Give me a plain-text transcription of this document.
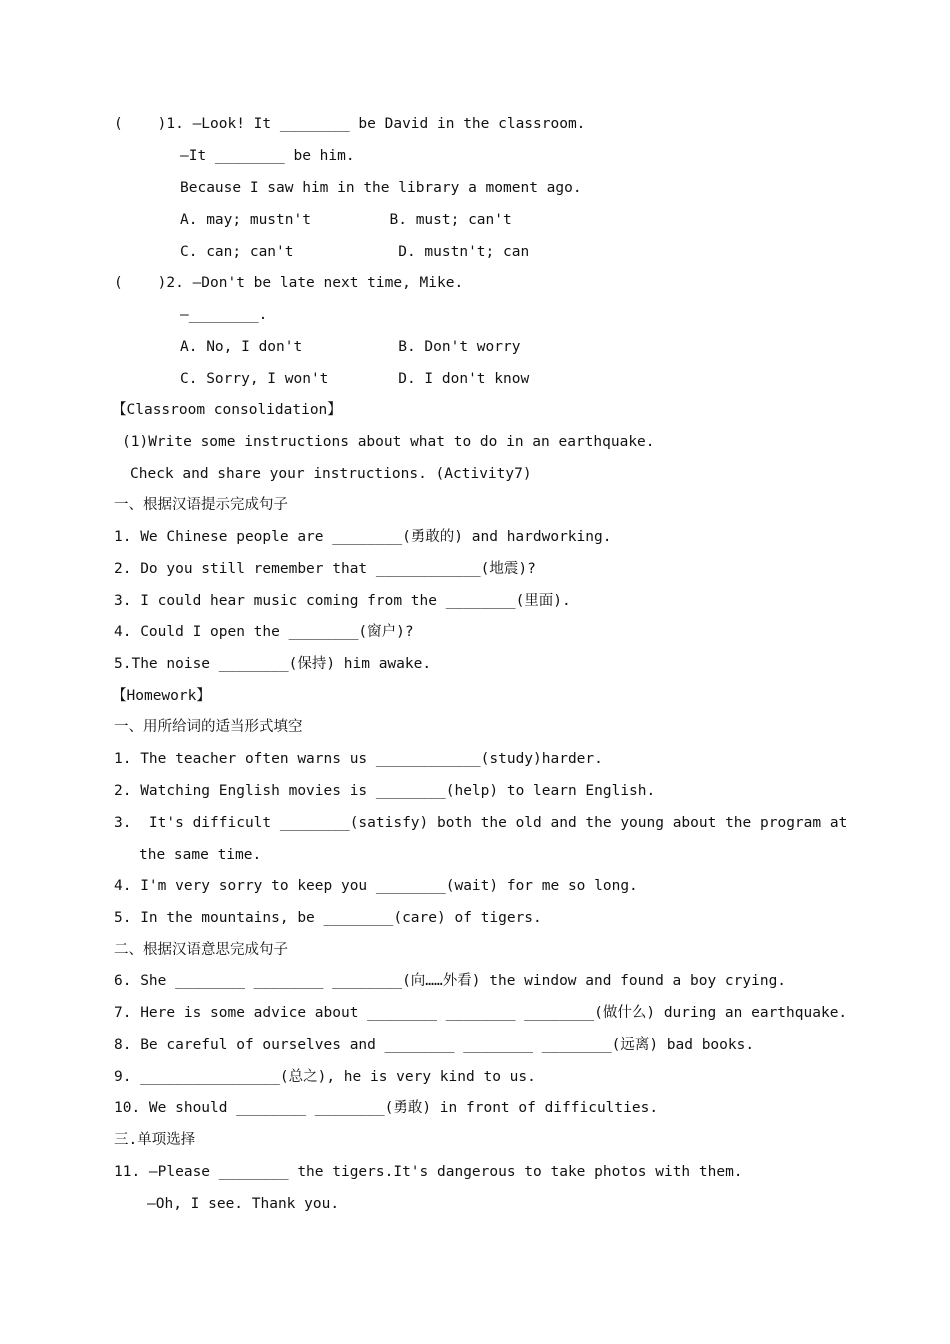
(    )1. —Look! It ________ be David in the classroom.
—It ________ be him.
Because I saw him in the library a moment ago.
A. may; mustn't         B. must; can't
C. can; can't            D. mustn't; can
(    )2. —Don't be late next time, Mike.
—________.
A. No, I don't           B. Don't worry
C. Sorry, I won't        D. I don't know
【Classroom consolidation】
(1)Write some instructions about what to do in an earthquake.
Check and share your instructions. (Activity7)
一、根据汉语提示完成句子
1. We Chinese people are ________(勇敢的) and hardworking.
2. Do you still remember that ____________(地震)?
3. I could hear music coming from the ________(里面).
4. Could I open the ________(窗户)?
5.The noise ________(保持) him awake.
【Homework】
一、用所给词的适当形式填空
1. The teacher often warns us ____________(study)harder.
2. Watching English movies is ________(help) to learn English.
3.  It's difficult ________(satisfy) both the old and the young about the program at
the same time.
4. I'm very sorry to keep you ________(wait) for me so long.
5. In the mountains, be ________(care) of tigers.
二、根据汉语意思完成句子
6. She ________ ________ ________(向……外看) the window and found a boy crying.
7. Here is some advice about ________ ________ ________(做什么) during an earthquake.
8. Be careful of ourselves and ________ ________ ________(远离) bad books.
9. ________________(总之), he is very kind to us.
10. We should ________ ________(勇敢) in front of difficulties.
三.单项选择
11. —Please ________ the tigers.It's dangerous to take photos with them.
—Oh, I see. Thank you.
